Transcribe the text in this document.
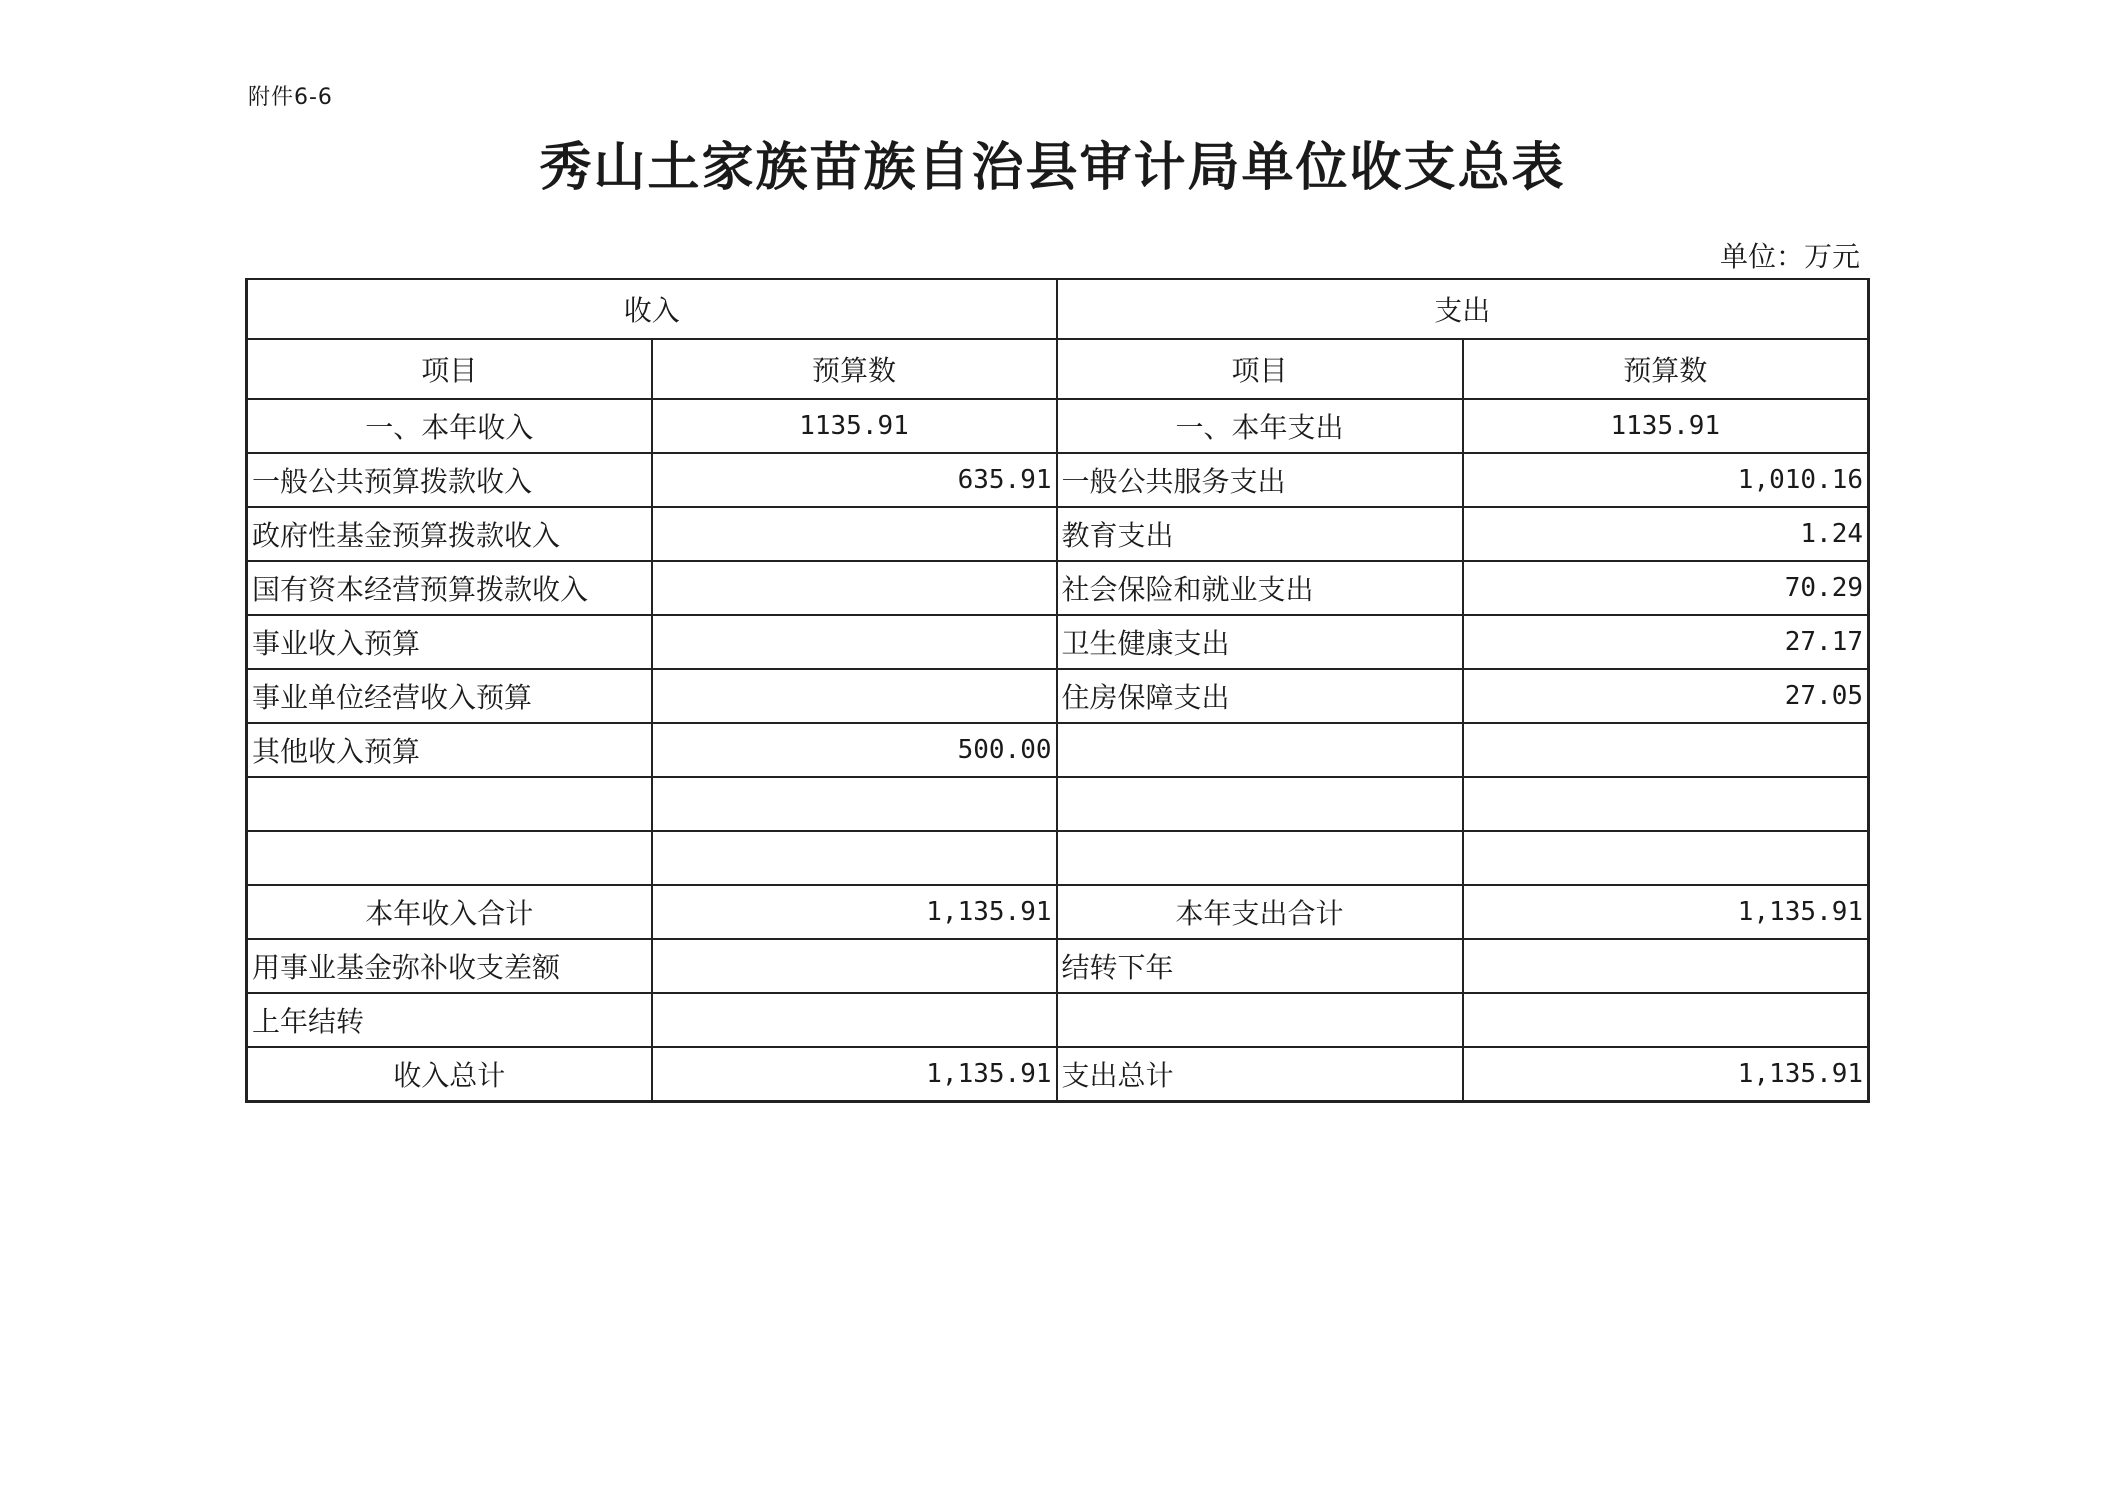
附件6-6
秀山土家族苗族自治县审计局单位收支总表
单位：万元
收入		支出	
项目	预算数	项目	预算数
一、本年收入	1135.91	一、本年支出	1135.91
一般公共预算拨款收入	635.91	一般公共服务支出	1,010.16
政府性基金预算拨款收入		教育支出	1.24
国有资本经营预算拨款收入		社会保险和就业支出	70.29
事业收入预算		卫生健康支出	27.17
事业单位经营收入预算		住房保障支出	27.05
其他收入预算	500.00		

本年收入合计	1,135.91	本年支出合计	1,135.91
用事业基金弥补收支差额		结转下年	
上年结转			
收入总计	1,135.91	支出总计	1,135.91
